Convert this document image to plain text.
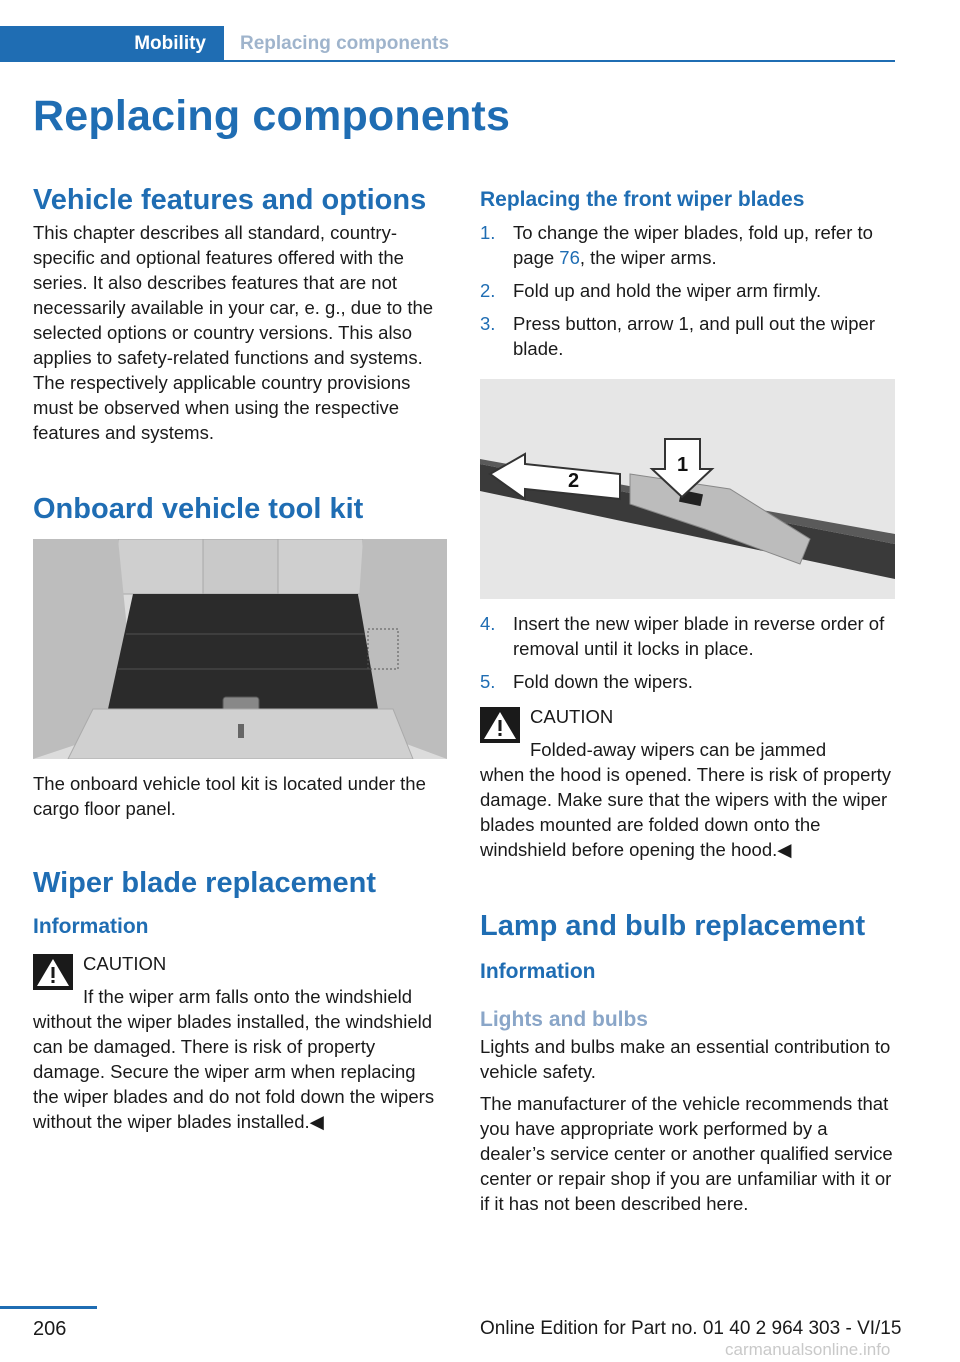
Mobility	Replacing components
Replacing components
Vehicle features and options

This chapter describes all standard, country-specific and optional features offered with the series. It also describes features that are not necessarily available in your car, e. g., due to the selected options or country versions. This also applies to safety-related functions and systems. The respectively applicable country provisions must be observed when using the respective features and systems.

Onboard vehicle tool kit

The onboard vehicle tool kit is located under the cargo floor panel.

Wiper blade replacement
Information
CAUTION
If the wiper arm falls onto the windshield

without the wiper blades installed, the windshield can be damaged. There is risk of property damage. Secure the wiper arm when replacing the wiper blades and do not fold down the wipers without the wiper blades installed.◀

Replacing the front wiper blades
1. To change the wiper blades, fold up, refer to page 76, the wiper arms.
2. Fold up and hold the wiper arm firmly.
3. Press button, arrow 1, and pull out the wiper blade.
2
1
4. Insert the new wiper blade in reverse order of removal until it locks in place.
5. Fold down the wipers.
CAUTION
Folded-away wipers can be jammed

when the hood is opened. There is risk of property damage. Make sure that the wipers with the wiper blades mounted are folded down onto the windshield before opening the hood.◀

Lamp and bulb replacement
Information
Lights and bulbs

Lights and bulbs make an essential contribution to vehicle safety.

The manufacturer of the vehicle recommends that you have appropriate work performed by a dealer’s service center or another qualified service center or repair shop if you are unfamiliar with it or if it has not been described here.

206	Online Edition for Part no. 01 40 2 964 303 - VI/15
carmanualsonline.info
